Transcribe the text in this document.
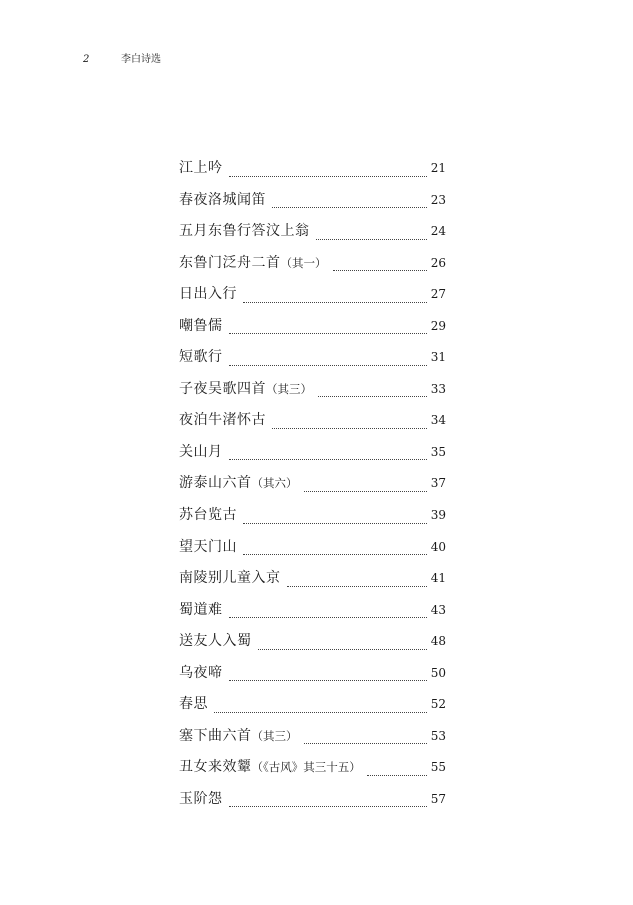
2	李白诗选
江上吟	21
春夜洛城闻笛	23
五月东鲁行答汶上翁	24
东鲁门泛舟二首 （其一）	26
日出入行	27
嘲鲁儒	29
短歌行	31
子夜吴歌四首 （其三）	33
夜泊牛渚怀古	34
关山月	35
游泰山六首 （其六）	37
苏台览古	39
望天门山	40
南陵别儿童入京	41
蜀道难	43
送友人入蜀	48
乌夜啼	50
春思	52
塞下曲六首 （其三）	53
丑女来效颦 （《古风》其三十五）	55
玉阶怨	57
